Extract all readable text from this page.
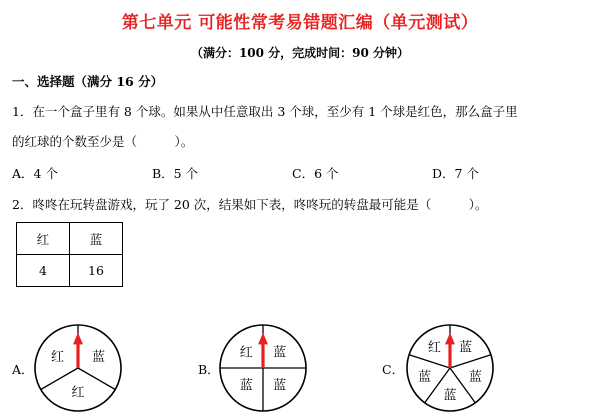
第七单元 可能性常考易错题汇编（单元测试）
（满分：100 分，完成时间：90 分钟）
一、选择题（满分 16 分）
1．在一个盒子里有 8 个球。如果从中任意取出 3 个球，至少有 1 个球是红色，那么盒子里
的红球的个数至少是（　　　）。
A．4 个	B．5 个	C．6 个	D．7 个
2．咚咚在玩转盘游戏，玩了 20 次，结果如下表，咚咚玩的转盘最可能是（　　　）。
红	蓝
4	16
A．	B．	C．
红 蓝
红
红 蓝
蓝 蓝
红 蓝
蓝	蓝
蓝
